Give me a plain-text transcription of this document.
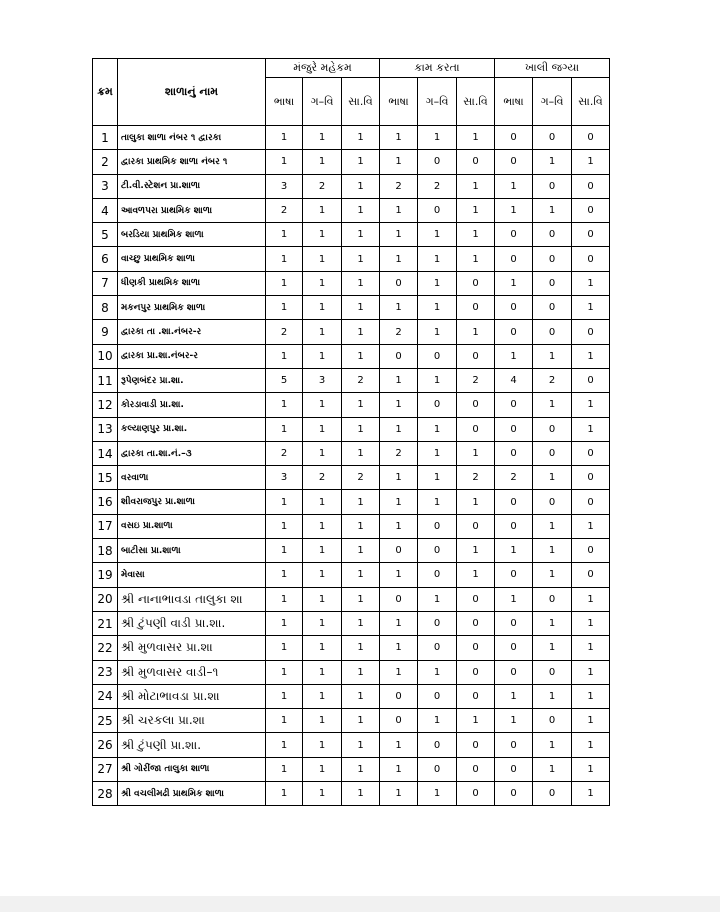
ક્રમ	શાળાનું નામ	મંજુરે મહેકમ			કામ કરતા			ખાલી જગ્યા		
		ભાષા	ગ–વિ	સા.વિ	ભાષા	ગ–વિ	સા.વિ	ભાષા	ગ–વિ	સા.વિ
1	તાલુકા શાળા નંબર ૧ દ્વારકા	1	1	1	1	1	1	0	0	0
2	દ્વારકા પ્રાથમિક શાળા નંબર ૧	1	1	1	1	0	0	0	1	1
3	ટી.વી.સ્ટેશન પ્રા.શાળા	3	2	1	2	2	1	1	0	0
4	આવળપરા પ્રાથમિક શાળા	2	1	1	1	0	1	1	1	0
5	બરડિયા પ્રાથમિક શાળા	1	1	1	1	1	1	0	0	0
6	વાચ્છુ પ્રાથમિક શાળા	1	1	1	1	1	1	0	0	0
7	ધીણકી પ્રાથમિક શાળા	1	1	1	0	1	0	1	0	1
8	મકનપુર પ્રાથમિક શાળા	1	1	1	1	1	0	0	0	1
9	દ્વારકા તા .શા.નંબર-ર	2	1	1	2	1	1	0	0	0
10	દ્વારકા પ્રા.શા.નંબર-ર	1	1	1	0	0	0	1	1	1
11	રૂપેણબંદર પ્રા.શા.	5	3	2	1	1	2	4	2	0
12	કોરડાવાડી પ્રા.શા.	1	1	1	1	0	0	0	1	1
13	કલ્યાણપુર પ્રા.શા.	1	1	1	1	1	0	0	0	1
14	દ્વારકા તા.શા.નં.–૩	2	1	1	2	1	1	0	0	0
15	વરવાળા	3	2	2	1	1	2	2	1	0
16	શીવરાજપુર પ્રા.શાળા	1	1	1	1	1	1	0	0	0
17	વસઇ પ્રા.શાળા	1	1	1	1	0	0	0	1	1
18	બાટીસા પ્રા.શાળા	1	1	1	0	0	1	1	1	0
19	મેવાસા	1	1	1	1	0	1	0	1	0
20	શ્રી નાનાભાવડા તાલુકા શા	1	1	1	0	1	0	1	0	1
21	શ્રી ટુંપણી વાડી પ્રા.શા.	1	1	1	1	0	0	0	1	1
22	શ્રી મુળવાસર પ્રા.શા	1	1	1	1	0	0	0	1	1
23	શ્રી મુળવાસર વાડી–૧	1	1	1	1	1	0	0	0	1
24	શ્રી મોટાભાવડા પ્રા.શા	1	1	1	0	0	0	1	1	1
25	શ્રી ચરકલા પ્રા.શા	1	1	1	0	1	1	1	0	1
26	શ્રી ટુંપણી પ્રા.શા.	1	1	1	1	0	0	0	1	1
27	શ્રી ગોરીંજા તાલુકા શાળા	1	1	1	1	0	0	0	1	1
28	શ્રી વચલીમઢી પ્રાથમિક શાળા	1	1	1	1	1	0	0	0	1
